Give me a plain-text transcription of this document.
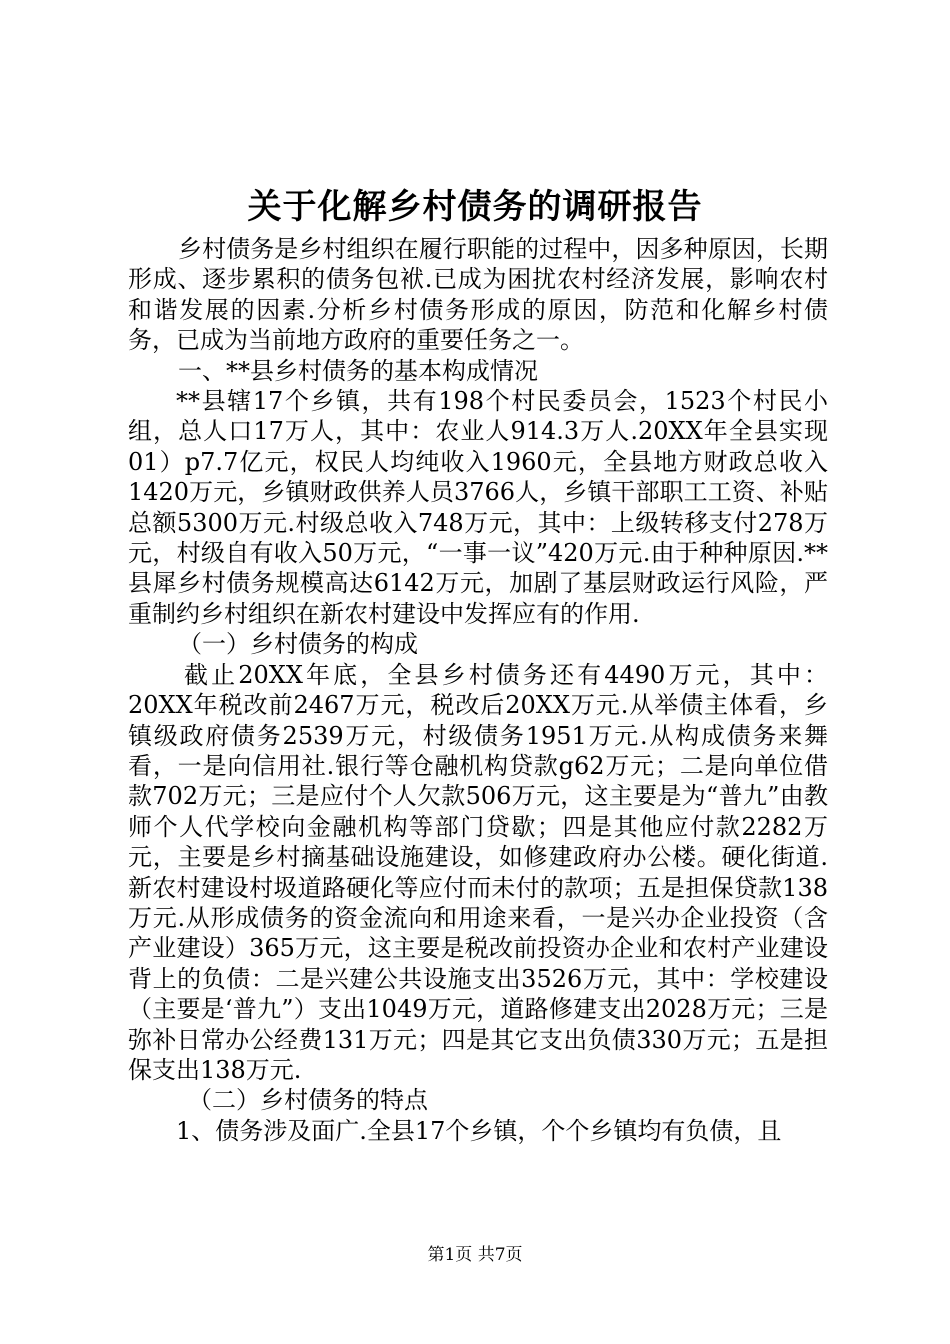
关于化解乡村债务的调研报告

乡村债务是乡村组织在履行职能的过程中，因多种原因，长期形成、逐步累积的债务包袱.已成为困扰农村经济发展，影响农村和谐发展的因素.分析乡村债务形成的原因，防范和化解乡村债务，已成为当前地方政府的重要任务之一。

一、**县乡村债务的基本构成情况

**县辖17个乡镇，共有198个村民委员会，1523个村民小组，总人口17万人，其中：农业人914.3万人.20XX年全县实现01）p7.7亿元，权民人均纯收入1960元，全县地方财政总收入1420万元，乡镇财政供养人员3766人，乡镇干部职工工资、补贴总额5300万元.村级总收入748万元，其中：上级转移支付278万元，村级自有收入50万元，“一事一议”420万元.由于种种原因.**县犀乡村债务规模高达6142万元，加剧了基层财政运行风险，严重制约乡村组织在新农村建设中发挥应有的作用.

（一）乡村债务的构成

截止20XX年底，全县乡村债务还有4490万元，其中：20XX年税改前2467万元，税改后20XX万元.从举债主体看，乡镇级政府债务2539万元，村级债务1951万元.从构成债务来舞看，一是向信用社.银行等仓融机构贷款g62万元；二是向单位借款702万元；三是应付个人欠款506万元，这主要是为“普九”由教师个人代学校向金融机构等部门贷歇；四是其他应付款2282万元，主要是乡村摘基础设施建设，如修建政府办公楼。硬化街道.新农村建设村圾道路硬化等应付而未付的款项；五是担保贷款138万元.从形成债务的资金流向和用途来看，一是兴办企业投资（含产业建设）365万元，这主要是税改前投资办企业和农村产业建设背上的负债：二是兴建公共设施支出3526万元，其中：学校建设（主要是‘普九”）支出1049万元，道路修建支出2028万元；三是弥补日常办公经费131万元；四是其它支出负债330万元；五是担保支出138万元.

（二）乡村债务的特点

1、债务涉及面广.全县17个乡镇，个个乡镇均有负债，且

第1页 共7页
